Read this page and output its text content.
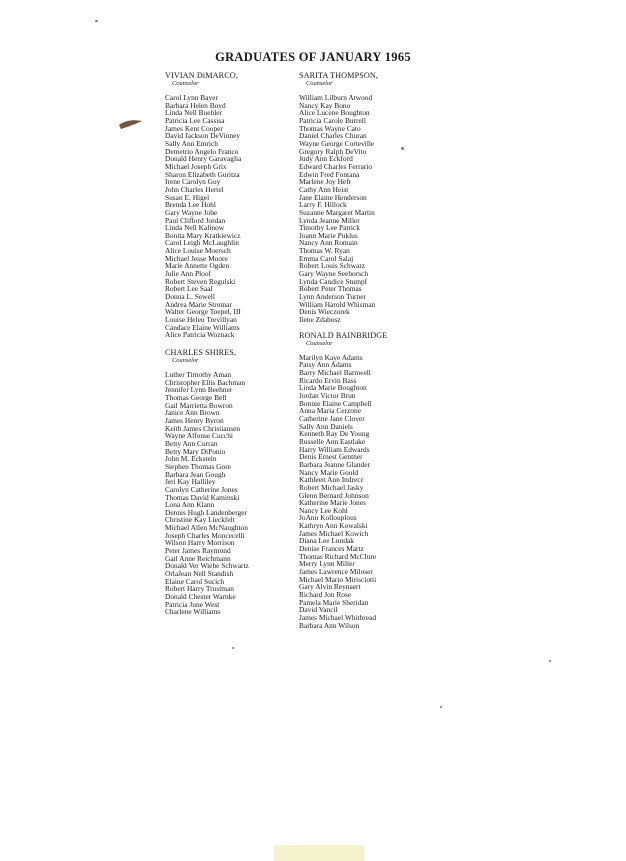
GRADUATES OF JANUARY 1965
VIVIAN DiMARCO,
Counselor
Carol Lynn Bayer
Barbara Helen Boyd
Linda Nell Buehler
Patricia Lee Cassisa
James Kent Cooper
David Jackson DeVinney
Sally Ann Emrich
Demetrio Angelo Franco
Donald Henry Garavaglia
Michael Joseph Grix
Sharon Elizabeth Guritza
Irene Carolyn Guy
John Charles Hertel
Susan E. Higel
Brenda Lee Hohl
Gary Wayne Jobe
Paul Clifford Jordan
Linda Nell Kalinow
Bonita Mary Kratkiewicz
Carol Leigh McLaughlin
Alice Louise Moersch
Michael Jesse Moore
Marie Annette Ogden
Julie Ann Ploof
Robert Steven Regulski
Robert Lee Saal
Donna L. Sewell
Andrea Marie Stromar
Walter George Toepel, III
Louise Helen Trevillyan
Candace Elaine Williams
Alice Patricia Woznack
CHARLES SHIRES,
Counselor
Luther Timothy Aman
Christopher Ellis Bachman
Jennifer Lynn Beehner
Thomas George Bell
Gail Marrietta Bowron
Janice Ann Brown
James Henry Byron
Keith James Christiansen
Wayne Alfonse Cucchi
Betty Ann Curran
Betty Mary DiPonio
John M. Eckstein
Stephen Thomas Gore
Barbara Jean Gough
Jeri Kay Halliley
Carolyn Catherine Jones
Thomas David Kaminski
Lona Ann Klann
Dennis Hugh Landenberger
Christine Kay Lieckfelt
Michael Allen McNaughton
Joseph Charles Moncecelli
Wilson Harry Morrison
Peter James Raymond
Gail Anne Reichmann
Donald Ver Wiebe Schwartz
OrlaJean Nell Standish
Elaine Carol Sucich
Robert Harry Trustman
Donald Chester Warnke
Patricia June West
Charlene Williams
SARITA THOMPSON,
Counselor
William Lilburn Atwood
Nancy Kay Bono
Alice Lucene Boughton
Patricia Carole Burrell
Thomas Wayne Cato
Daniel Charles Churan
Wayne George Corteville
Gregory Ralph DeVito
Judy Ann Eckford
Edward Charles Ferrario
Edwin Fred Fontana
Marlene Joy Heft
Cathy Ann Heist
Jane Elaine Henderson
Larry F. Hillock
Suzanne Margaret Martin
Lynda Jeanne Miller
Timothy Lee Patrick
Joann Marie Puklus
Nancy Ann Romain
Thomas W. Ryan
Emma Carol Salaj
Robert Louis Schwarz
Gary Wayne Seeborsch
Lynda Candice Stumpf
Robert Peter Thomas
Lynn Anderson Turner
William Harold Whisman
Denis Wieczorek
Ilene Zdabosz
RONALD BAINBRIDGE
Counselor
Marilyn Kaye Adams
Patsy Ann Adams
Barry Michael Barnwell
Ricardo Ervin Bass
Linda Marie Boughton
Jordan Victor Brun
Bonnie Elaine Campbell
Anna Maria Cerzone
Catherine Jane Clover
Sally Ann Daniels
Kenneth Ray De Young
Russelle Ann Eastlake
Harry William Edwards
Denis Ernest Gentner
Barbara Jeanne Glander
Nancy Marie Gould
Kathleen Ann Indrecc
Robert Michael Jasky
Glenn Bernard Johnson
Katherine Marie Jones
Nancy Lee Kohl
JoAnn Kollouplous
Kathryn Ann Kowalski
James Michael Kowich
Diana Lee Lundak
Denise Frances Martz
Thomas Richard McClure
Merry Lynn Miller
James Lawrence Miloser
Michael Mario Mirisciotti
Gary Alvin Reynaert
Richard Jon Rose
Pamela Marie Sheridan
David Vancil
James Michael Whitbread
Barbara Ann Wilson
